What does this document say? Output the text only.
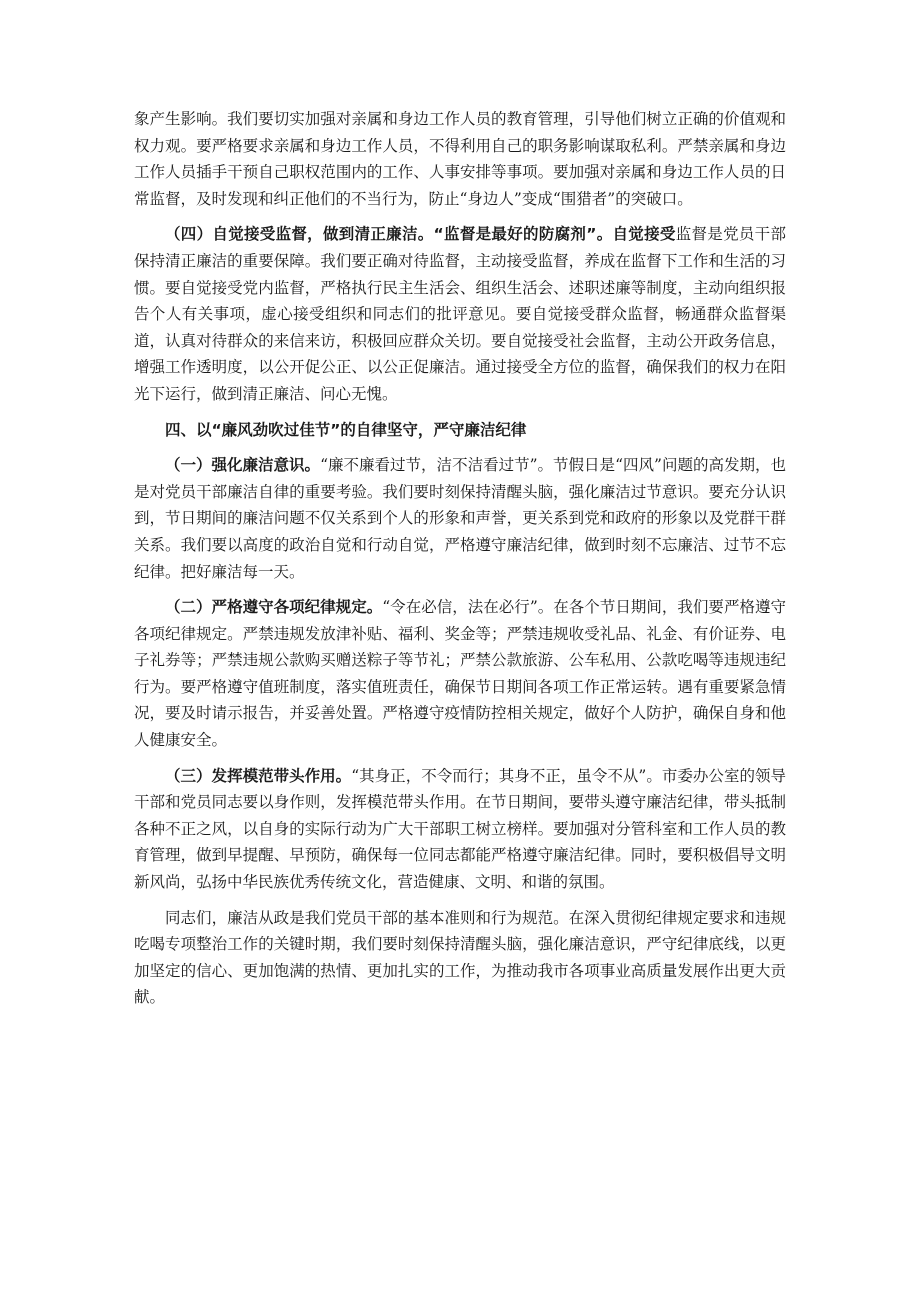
象产生影响。我们要切实加强对亲属和身边工作人员的教育管理，引导他们树立正确的价值观和权力观。要严格要求亲属和身边工作人员，不得利用自己的职务影响谋取私利。严禁亲属和身边工作人员插手干预自己职权范围内的工作、人事安排等事项。要加强对亲属和身边工作人员的日常监督，及时发现和纠正他们的不当行为，防止“身边人”变成“围猎者”的突破口。

（四）自觉接受监督，做到清正廉洁。“监督是最好的防腐剂”。自觉接受监督是党员干部保持清正廉洁的重要保障。我们要正确对待监督，主动接受监督，养成在监督下工作和生活的习惯。要自觉接受党内监督，严格执行民主生活会、组织生活会、述职述廉等制度，主动向组织报告个人有关事项，虚心接受组织和同志们的批评意见。要自觉接受群众监督，畅通群众监督渠道，认真对待群众的来信来访，积极回应群众关切。要自觉接受社会监督，主动公开政务信息，增强工作透明度，以公开促公正、以公正促廉洁。通过接受全方位的监督，确保我们的权力在阳光下运行，做到清正廉洁、问心无愧。

四、以“廉风劲吹过佳节”的自律坚守，严守廉洁纪律

（一）强化廉洁意识。“廉不廉看过节，洁不洁看过节”。节假日是“四风”问题的高发期，也是对党员干部廉洁自律的重要考验。我们要时刻保持清醒头脑，强化廉洁过节意识。要充分认识到，节日期间的廉洁问题不仅关系到个人的形象和声誉，更关系到党和政府的形象以及党群干群关系。我们要以高度的政治自觉和行动自觉，严格遵守廉洁纪律，做到时刻不忘廉洁、过节不忘纪律。把好廉洁每一天。

（二）严格遵守各项纪律规定。“令在必信，法在必行”。在各个节日期间，我们要严格遵守各项纪律规定。严禁违规发放津补贴、福利、奖金等；严禁违规收受礼品、礼金、有价证券、电子礼券等；严禁违规公款购买赠送粽子等节礼；严禁公款旅游、公车私用、公款吃喝等违规违纪行为。要严格遵守值班制度，落实值班责任，确保节日期间各项工作正常运转。遇有重要紧急情况，要及时请示报告，并妥善处置。严格遵守疫情防控相关规定，做好个人防护，确保自身和他人健康安全。

（三）发挥模范带头作用。“其身正，不令而行；其身不正，虽令不从”。市委办公室的领导干部和党员同志要以身作则，发挥模范带头作用。在节日期间，要带头遵守廉洁纪律，带头抵制各种不正之风，以自身的实际行动为广大干部职工树立榜样。要加强对分管科室和工作人员的教育管理，做到早提醒、早预防，确保每一位同志都能严格遵守廉洁纪律。同时，要积极倡导文明新风尚，弘扬中华民族优秀传统文化，营造健康、文明、和谐的氛围。

同志们，廉洁从政是我们党员干部的基本准则和行为规范。在深入贯彻纪律规定要求和违规吃喝专项整治工作的关键时期，我们要时刻保持清醒头脑，强化廉洁意识，严守纪律底线，以更加坚定的信心、更加饱满的热情、更加扎实的工作，为推动我市各项事业高质量发展作出更大贡献。
